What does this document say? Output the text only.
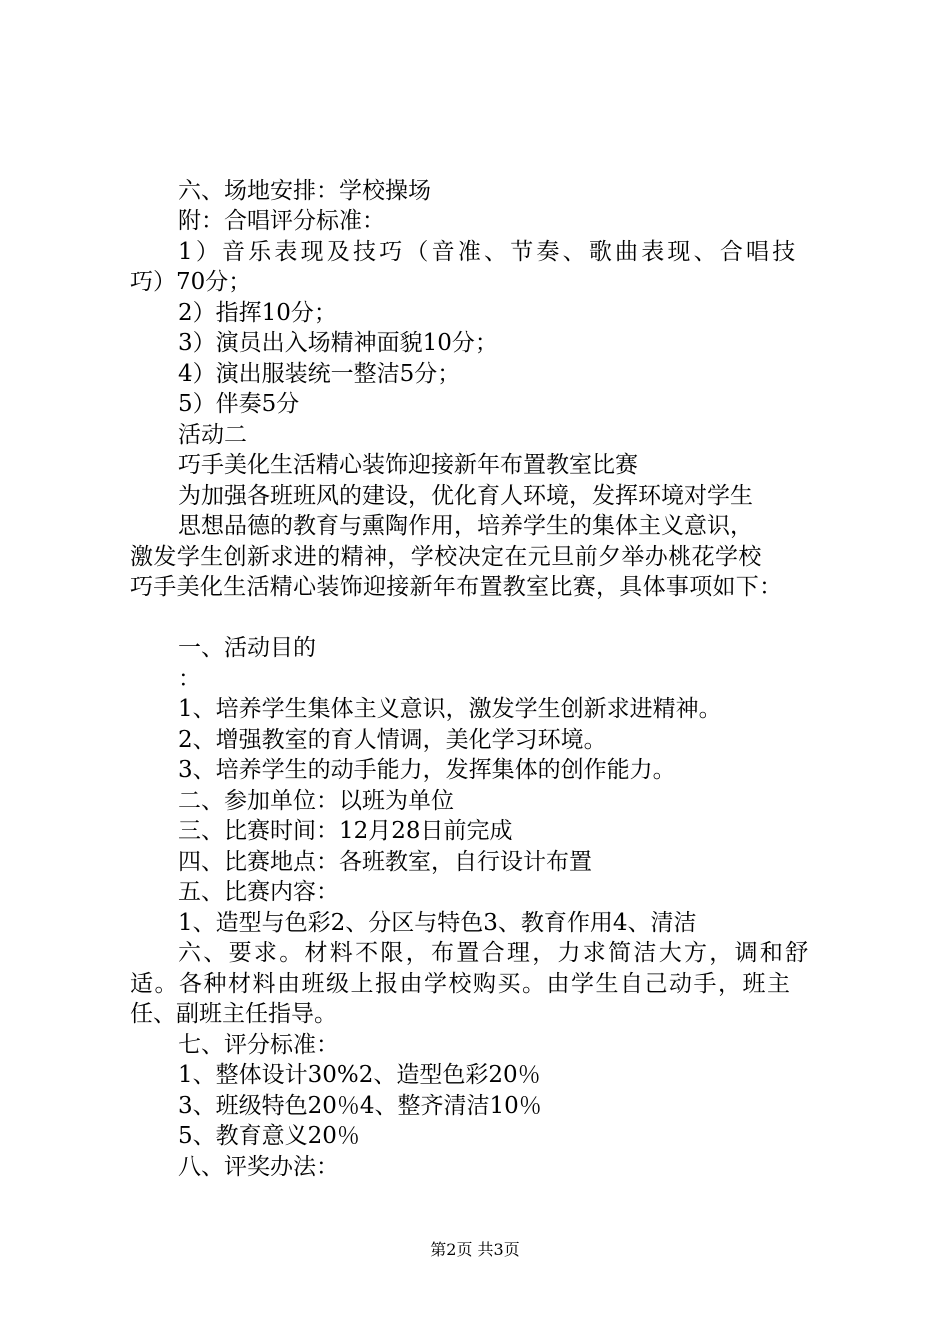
六、场地安排：学校操场
附：合唱评分标准：
1）音乐表现及技巧（音准、节奏、歌曲表现、合唱技
巧）70分；
2）指挥10分；
3）演员出入场精神面貌10分；
4）演出服装统一整洁5分；
5）伴奏5分
活动二
巧手美化生活精心装饰迎接新年布置教室比赛
为加强各班班风的建设，优化育人环境，发挥环境对学生
思想品德的教育与熏陶作用，培养学生的集体主义意识，
激发学生创新求进的精神，学校决定在元旦前夕举办桃花学校
巧手美化生活精心装饰迎接新年布置教室比赛，具体事项如下：
一、活动目的
：
1、培养学生集体主义意识，激发学生创新求进精神。
2、增强教室的育人情调，美化学习环境。
3、培养学生的动手能力，发挥集体的创作能力。
二、参加单位：以班为单位
三、比赛时间：12月28日前完成
四、比赛地点：各班教室，自行设计布置
五、比赛内容：
1、造型与色彩2、分区与特色3、教育作用4、清洁
六、要求。材料不限，布置合理，力求简洁大方，调和舒
适。各种材料由班级上报由学校购买。由学生自己动手，班主
任、副班主任指导。
七、评分标准：
1、整体设计30%2、造型色彩20％
3、班级特色20％4、整齐清洁10％
5、教育意义20％
八、评奖办法：
第2页 共3页
